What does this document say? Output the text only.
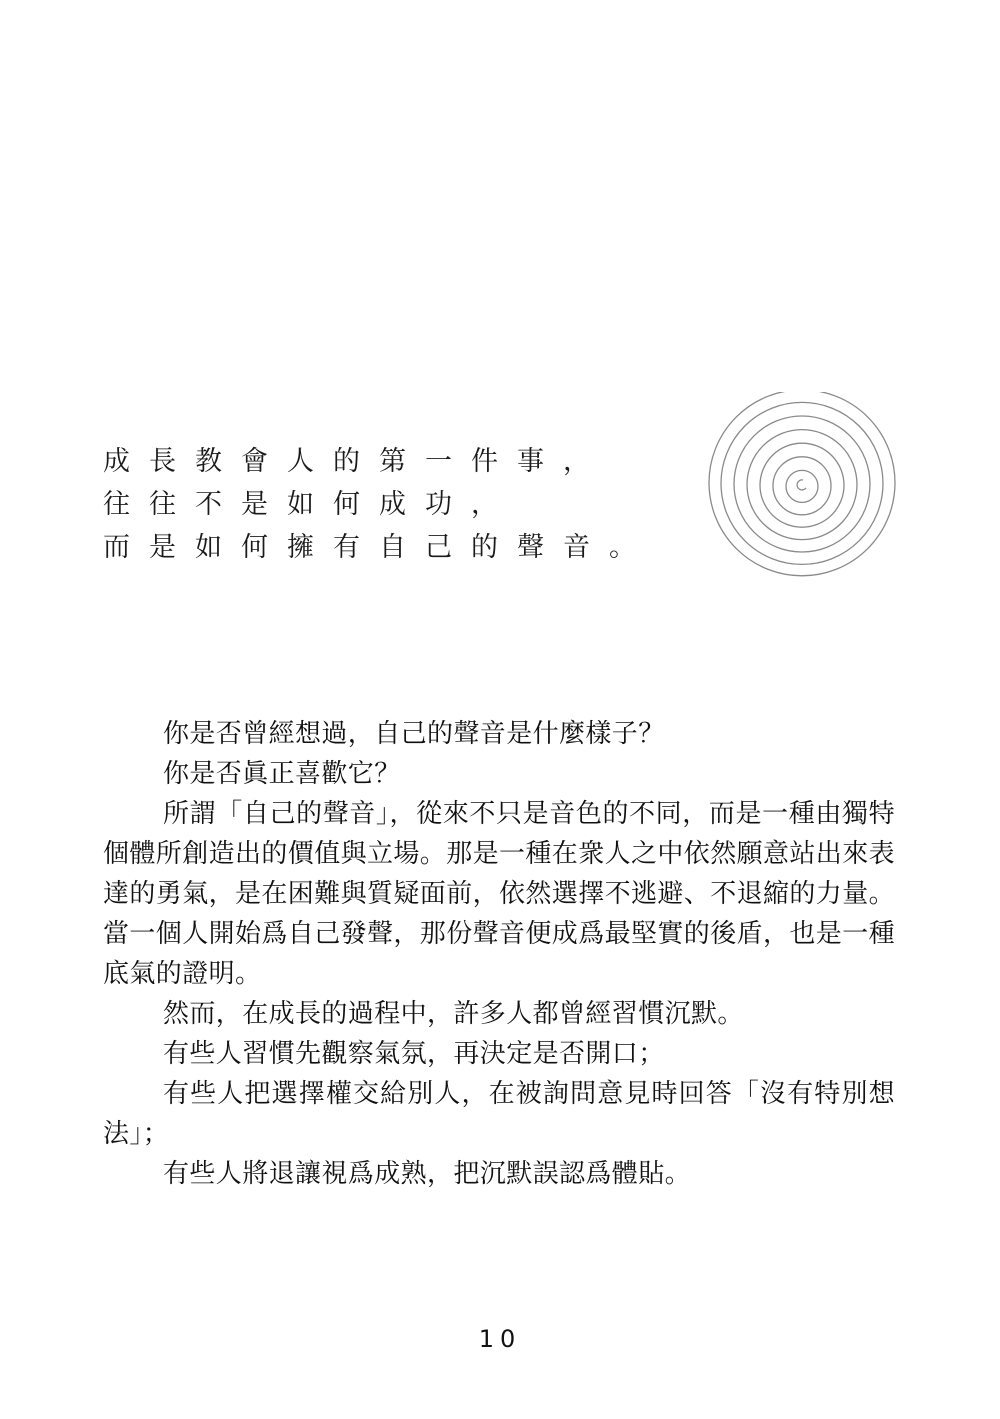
成長教會人的第一件事，
往往不是如何成功，
而是如何擁有自己的聲音。

你是否曾經想過，自己的聲音是什麼樣子？

你是否眞正喜歡它？

所謂「自己的聲音」，從來不只是音色的不同，而是一種由獨特個體所創造出的價值與立場。那是一種在衆人之中依然願意站出來表達的勇氣，是在困難與質疑面前，依然選擇不逃避、不退縮的力量。當一個人開始爲自己發聲，那份聲音便成爲最堅實的後盾，也是一種底氣的證明。

然而，在成長的過程中，許多人都曾經習慣沉默。

有些人習慣先觀察氣氛，再決定是否開口；

有些人把選擇權交給別人，在被詢問意見時回答「沒有特別想法」；

有些人將退讓視爲成熟，把沉默誤認爲體貼。

10
